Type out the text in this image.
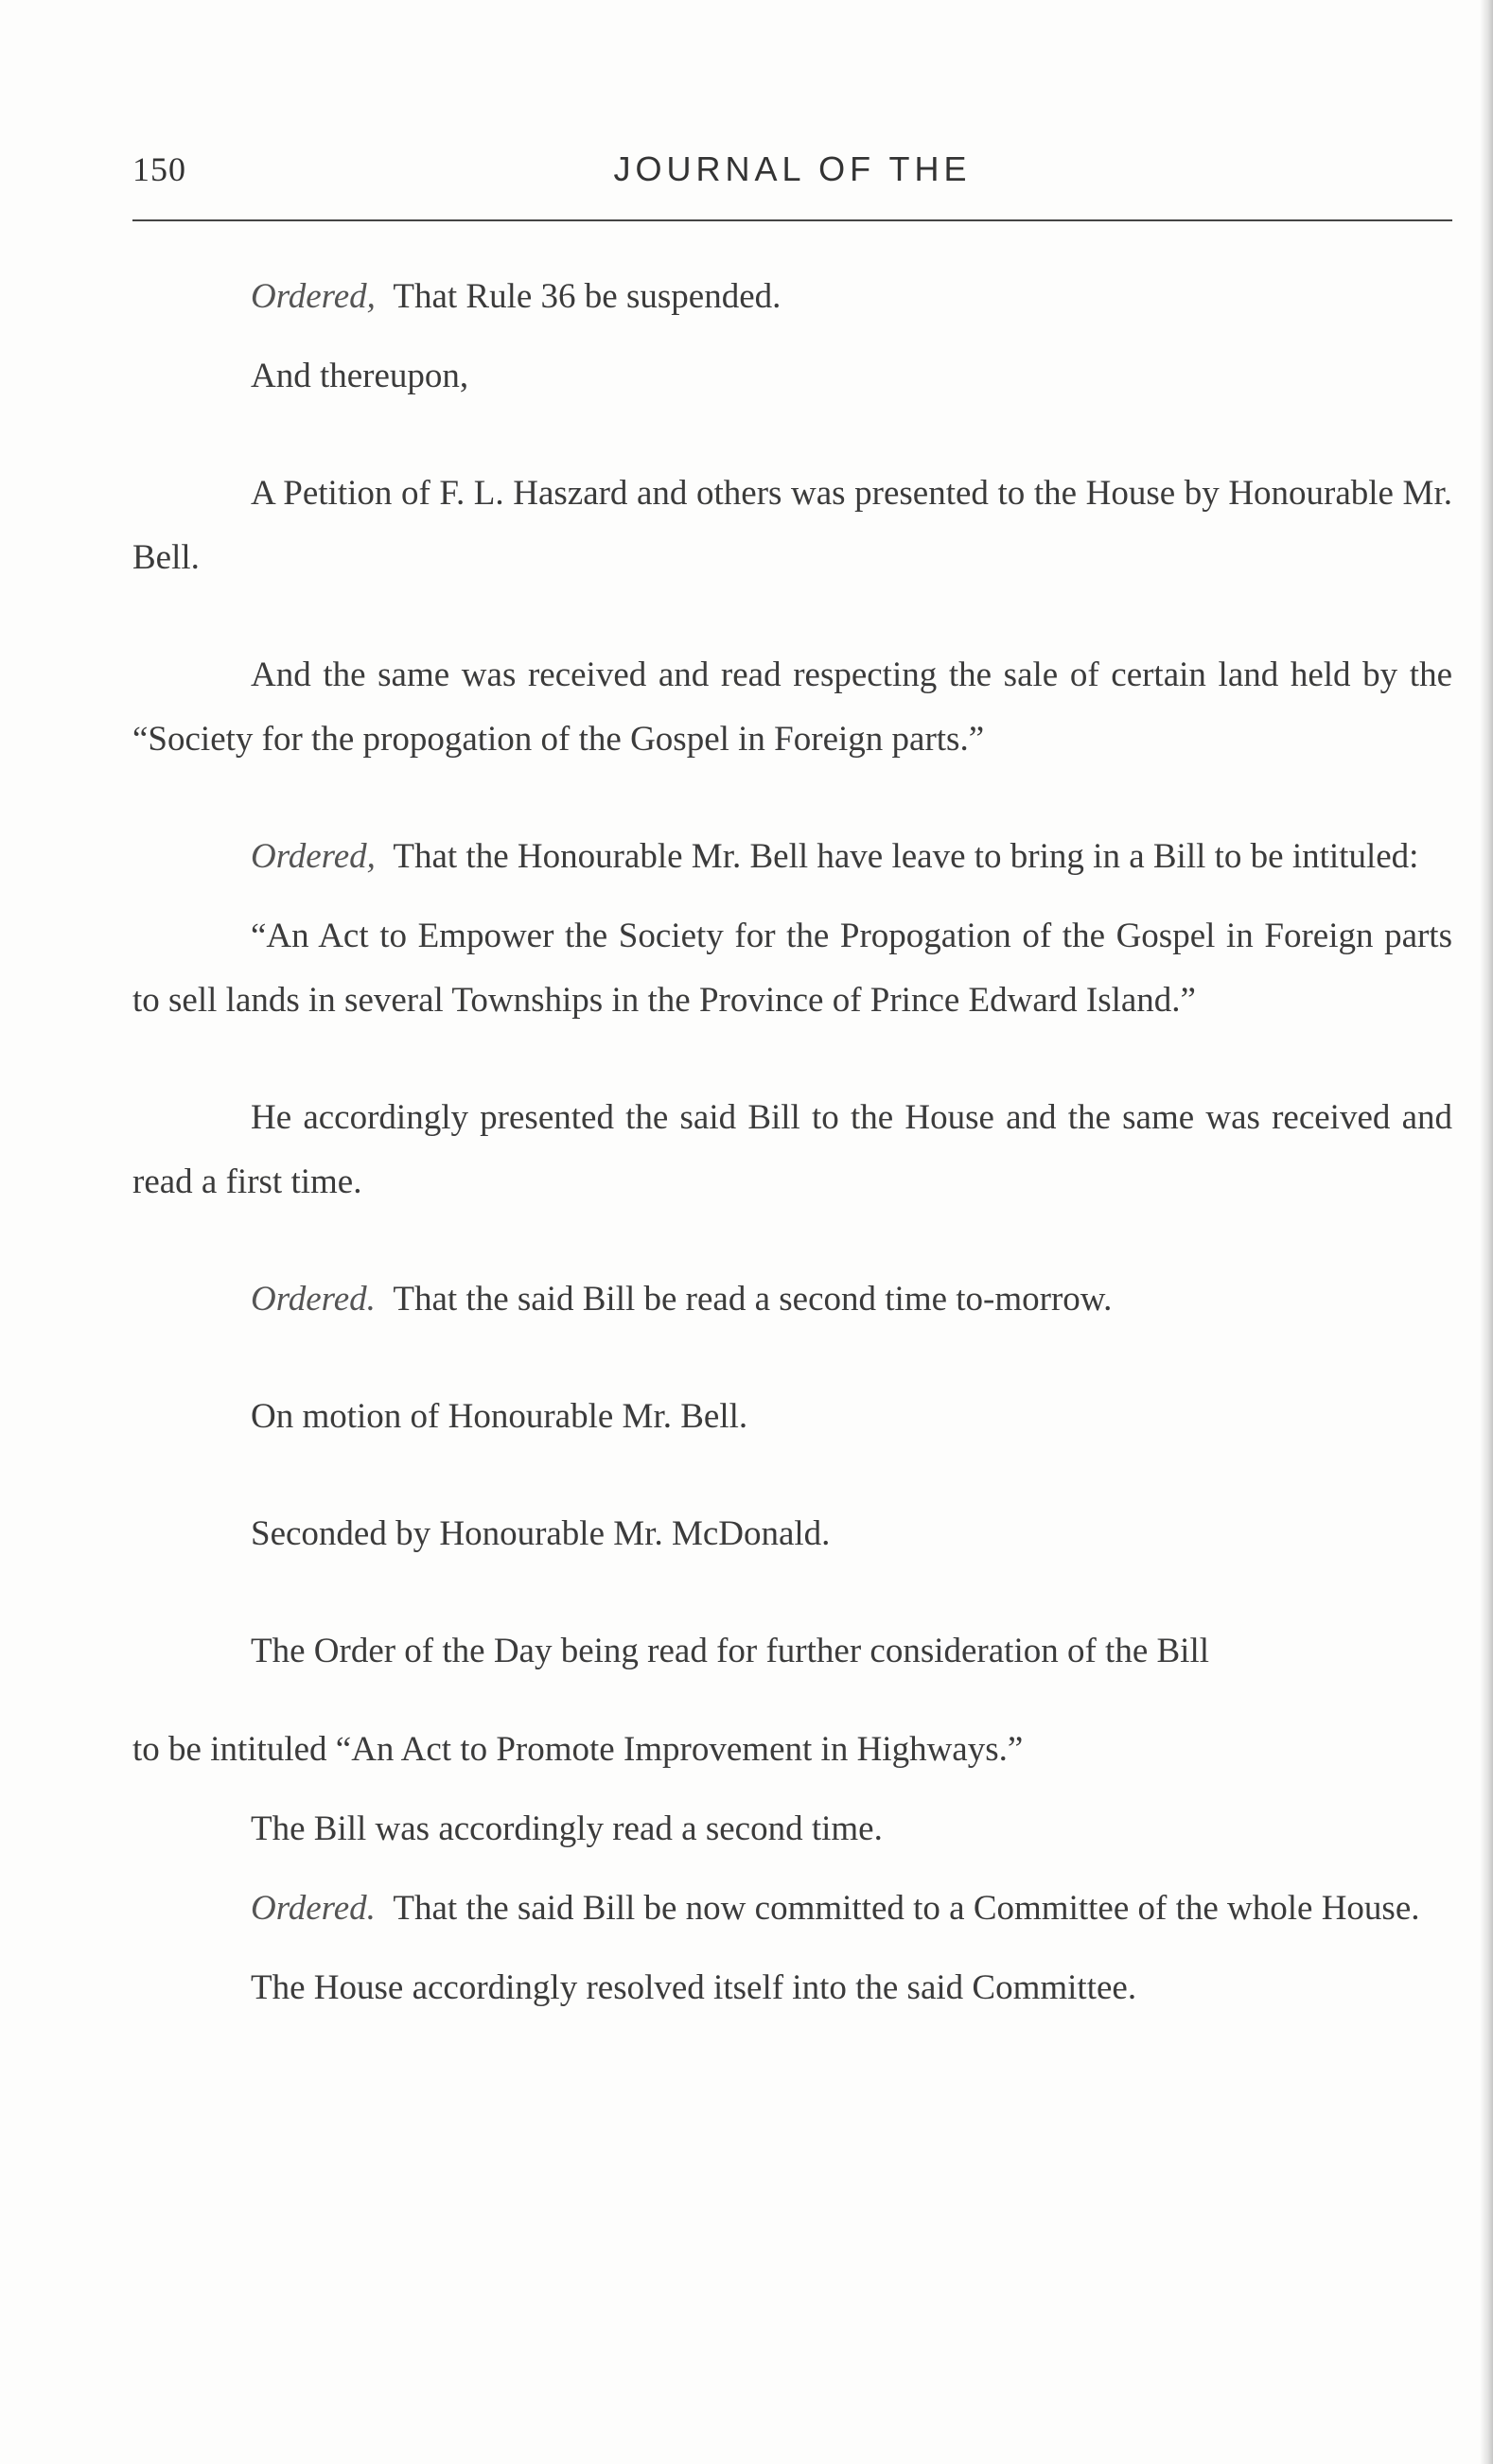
150	JOURNAL OF THE

Ordered, That Rule 36 be suspended.

And thereupon,

A Petition of F. L. Haszard and others was presented to the House by Honourable Mr. Bell.

And the same was received and read respecting the sale of certain land held by the “Society for the propogation of the Gospel in Foreign parts.”

Ordered, That the Honourable Mr. Bell have leave to bring in a Bill to be intituled:

“An Act to Empower the Society for the Propogation of the Gospel in Foreign parts to sell lands in several Townships in the Province of Prince Edward Island.”

He accordingly presented the said Bill to the House and the same was received and read a first time.

Ordered. That the said Bill be read a second time to-morrow.

On motion of Honourable Mr. Bell.

Seconded by Honourable Mr. McDonald.

The Order of the Day being read for further consideration of the Bill

to be intituled “An Act to Promote Improvement in Highways.”

The Bill was accordingly read a second time.

Ordered. That the said Bill be now committed to a Committee of the whole House.

The House accordingly resolved itself into the said Committee.
